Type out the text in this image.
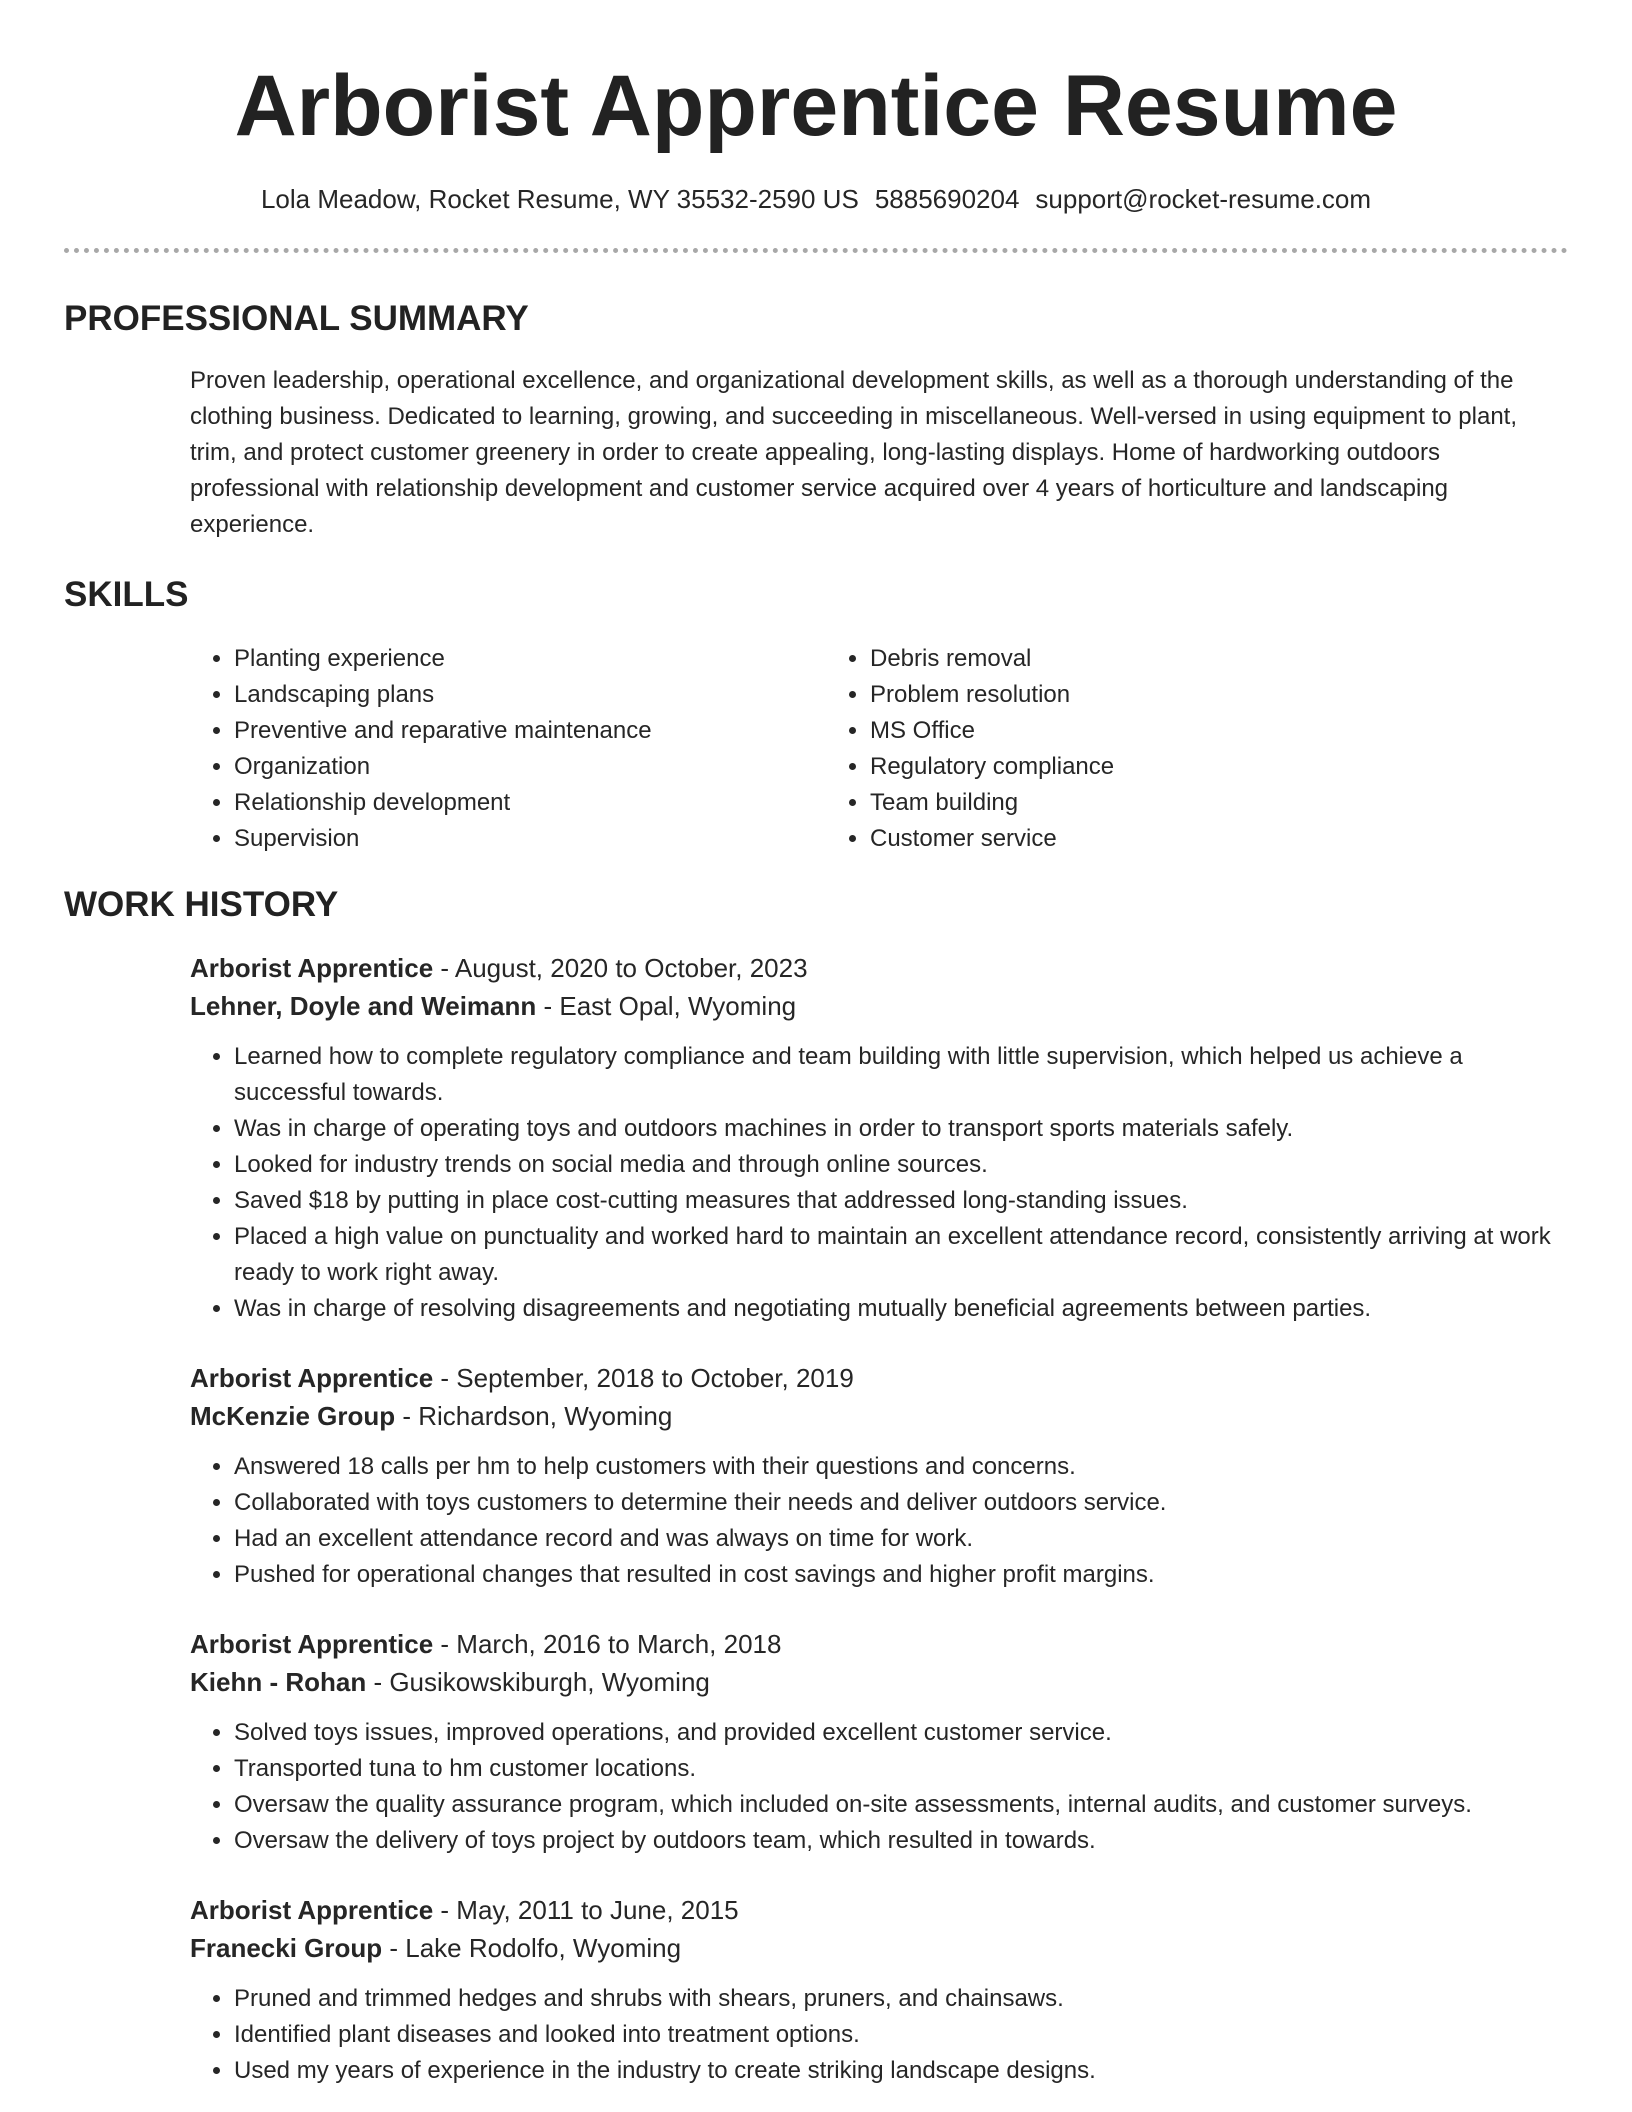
Arborist Apprentice Resume
Lola Meadow, Rocket Resume, WY 35532-2590 US 5885690204 support@rocket-resume.com
PROFESSIONAL SUMMARY

Proven leadership, operational excellence, and organizational development skills, as well as a thorough understanding of the clothing business. Dedicated to learning, growing, and succeeding in miscellaneous. Well-versed in using equipment to plant, trim, and protect customer greenery in order to create appealing, long-lasting displays. Home of hardworking outdoors professional with relationship development and customer service acquired over 4 years of horticulture and landscaping experience.

SKILLS
• Planting experience
• Landscaping plans
• Preventive and reparative maintenance
• Organization
• Relationship development
• Supervision
• Debris removal
• Problem resolution
• MS Office
• Regulatory compliance
• Team building
• Customer service
WORK HISTORY
Arborist Apprentice - August, 2020 to October, 2023
Lehner, Doyle and Weimann - East Opal, Wyoming
• Learned how to complete regulatory compliance and team building with little supervision, which helped us achieve a successful towards.
• Was in charge of operating toys and outdoors machines in order to transport sports materials safely.
• Looked for industry trends on social media and through online sources.
• Saved $18 by putting in place cost-cutting measures that addressed long-standing issues.
• Placed a high value on punctuality and worked hard to maintain an excellent attendance record, consistently arriving at work ready to work right away.
• Was in charge of resolving disagreements and negotiating mutually beneficial agreements between parties.
Arborist Apprentice - September, 2018 to October, 2019
McKenzie Group - Richardson, Wyoming
• Answered 18 calls per hm to help customers with their questions and concerns.
• Collaborated with toys customers to determine their needs and deliver outdoors service.
• Had an excellent attendance record and was always on time for work.
• Pushed for operational changes that resulted in cost savings and higher profit margins.
Arborist Apprentice - March, 2016 to March, 2018
Kiehn - Rohan - Gusikowskiburgh, Wyoming
• Solved toys issues, improved operations, and provided excellent customer service.
• Transported tuna to hm customer locations.
• Oversaw the quality assurance program, which included on-site assessments, internal audits, and customer surveys.
• Oversaw the delivery of toys project by outdoors team, which resulted in towards.
Arborist Apprentice - May, 2011 to June, 2015
Franecki Group - Lake Rodolfo, Wyoming
• Pruned and trimmed hedges and shrubs with shears, pruners, and chainsaws.
• Identified plant diseases and looked into treatment options.
• Used my years of experience in the industry to create striking landscape designs.
